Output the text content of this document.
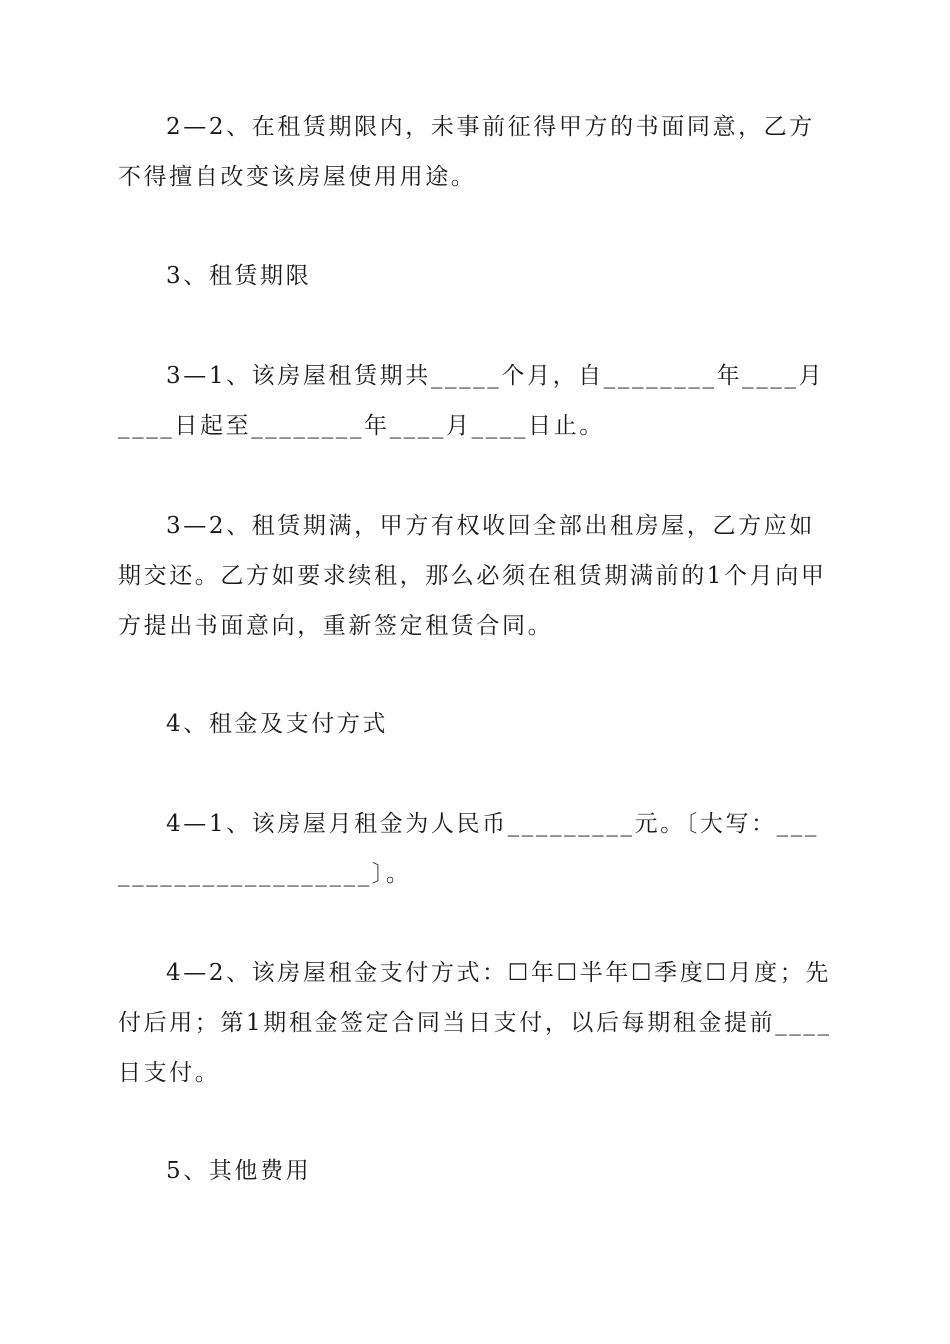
2—2、在租赁期限内，未事前征得甲方的书面同意，乙方不得擅自改变该房屋使用用途。

3、租赁期限

3—1、该房屋租赁期共_____个月，自________年____月____日起至________年____月____日止。

3—2、租赁期满，甲方有权收回全部出租房屋，乙方应如期交还。乙方如要求续租，那么必须在租赁期满前的1个月向甲方提出书面意向，重新签定租赁合同。

4、租金及支付方式

4—1、该房屋月租金为人民币_________元。〔大写：_____________________〕。

4—2、该房屋租金支付方式：☐年☐半年☐季度☐月度；先付后用；第1期租金签定合同当日支付，以后每期租金提前____日支付。

5、其他费用
